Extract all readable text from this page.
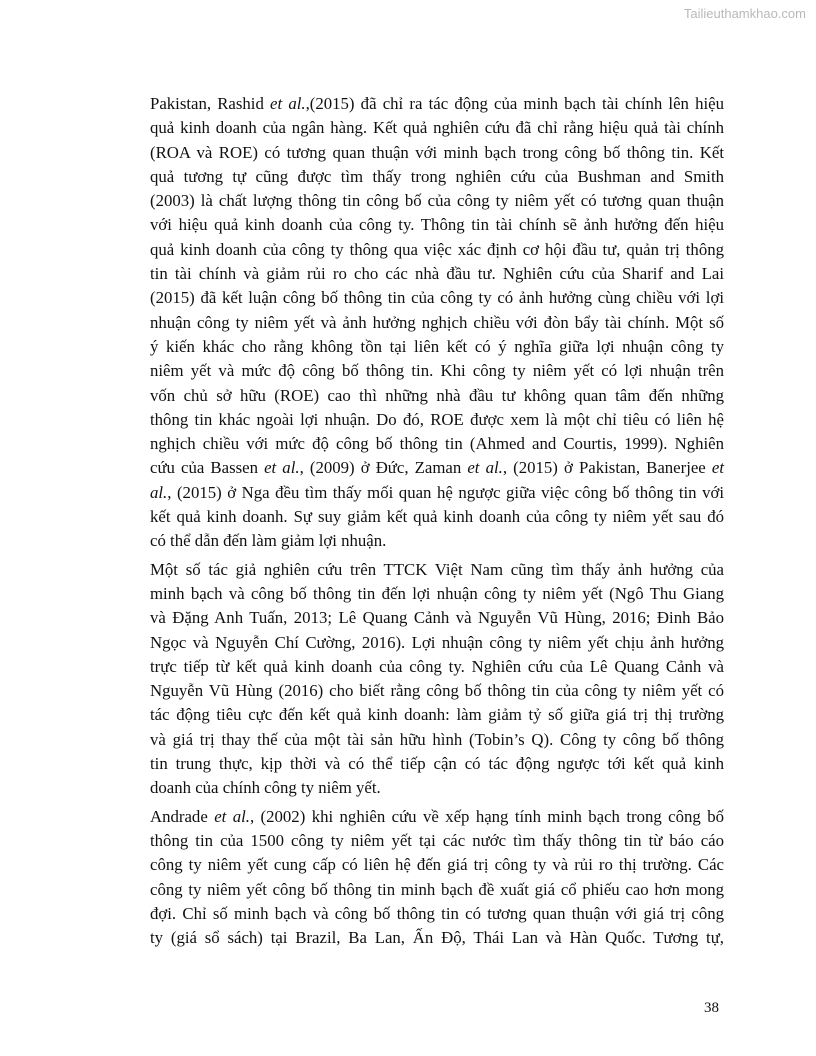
Tailieuthamkhao.com
Pakistan, Rashid et al.,(2015) đã chỉ ra tác động của minh bạch tài chính lên hiệu
quả kinh doanh của ngân hàng. Kết quả nghiên cứu đã chỉ rằng hiệu quả tài chính
(ROA và ROE) có tương quan thuận với minh bạch trong công bố thông tin. Kết
quả tương tự cũng được tìm thấy trong nghiên cứu của Bushman and Smith
(2003) là chất lượng thông tin công bố của công ty niêm yết có tương quan thuận
với hiệu quả kinh doanh của công ty. Thông tin tài chính sẽ ảnh hưởng đến hiệu
quả kinh doanh của công ty thông qua việc xác định cơ hội đầu tư, quản trị thông
tin tài chính và giảm rủi ro cho các nhà đầu tư. Nghiên cứu của Sharif and Lai
(2015) đã kết luận công bố thông tin của công ty có ảnh hưởng cùng chiều với lợi
nhuận công ty niêm yết và ảnh hưởng nghịch chiều với đòn bẩy tài chính. Một số
ý kiến khác cho rằng không tồn tại liên kết có ý nghĩa giữa lợi nhuận công ty
niêm yết và mức độ công bố thông tin. Khi công ty niêm yết có lợi nhuận trên
vốn chủ sở hữu (ROE) cao thì những nhà đầu tư không quan tâm đến những
thông tin khác ngoài lợi nhuận. Do đó, ROE được xem là một chỉ tiêu có liên hệ
nghịch chiều với mức độ công bố thông tin (Ahmed and Courtis, 1999). Nghiên
cứu của Bassen et al., (2009) ở Đức, Zaman et al., (2015) ở Pakistan, Banerjee et
al., (2015) ở Nga đều tìm thấy mối quan hệ ngược giữa việc công bố thông tin với
kết quả kinh doanh. Sự suy giảm kết quả kinh doanh của công ty niêm yết sau đó
có thể dẫn đến làm giảm lợi nhuận.
Một số tác giả nghiên cứu trên TTCK Việt Nam cũng tìm thấy ảnh hưởng của
minh bạch và công bố thông tin đến lợi nhuận công ty niêm yết (Ngô Thu Giang
và Đặng Anh Tuấn, 2013; Lê Quang Cảnh và Nguyễn Vũ Hùng, 2016; Đinh Bảo
Ngọc và Nguyễn Chí Cường, 2016). Lợi nhuận công ty niêm yết chịu ảnh hưởng
trực tiếp từ kết quả kinh doanh của công ty. Nghiên cứu của Lê Quang Cảnh và
Nguyễn Vũ Hùng (2016) cho biết rằng công bố thông tin của công ty niêm yết có
tác động tiêu cực đến kết quả kinh doanh: làm giảm tỷ số giữa giá trị thị trường
và giá trị thay thế của một tài sản hữu hình (Tobin’s Q). Công ty công bố thông
tin trung thực, kịp thời và có thể tiếp cận có tác động ngược tới kết quả kinh
doanh của chính công ty niêm yết.
Andrade et al., (2002) khi nghiên cứu về xếp hạng tính minh bạch trong công bố
thông tin của 1500 công ty niêm yết tại các nước tìm thấy thông tin từ báo cáo
công ty niêm yết cung cấp có liên hệ đến giá trị công ty và rủi ro thị trường. Các
công ty niêm yết công bố thông tin minh bạch đề xuất giá cổ phiếu cao hơn mong
đợi. Chỉ số minh bạch và công bố thông tin có tương quan thuận với giá trị công
ty (giá sổ sách) tại Brazil, Ba Lan, Ấn Độ, Thái Lan và Hàn Quốc. Tương tự,
38
